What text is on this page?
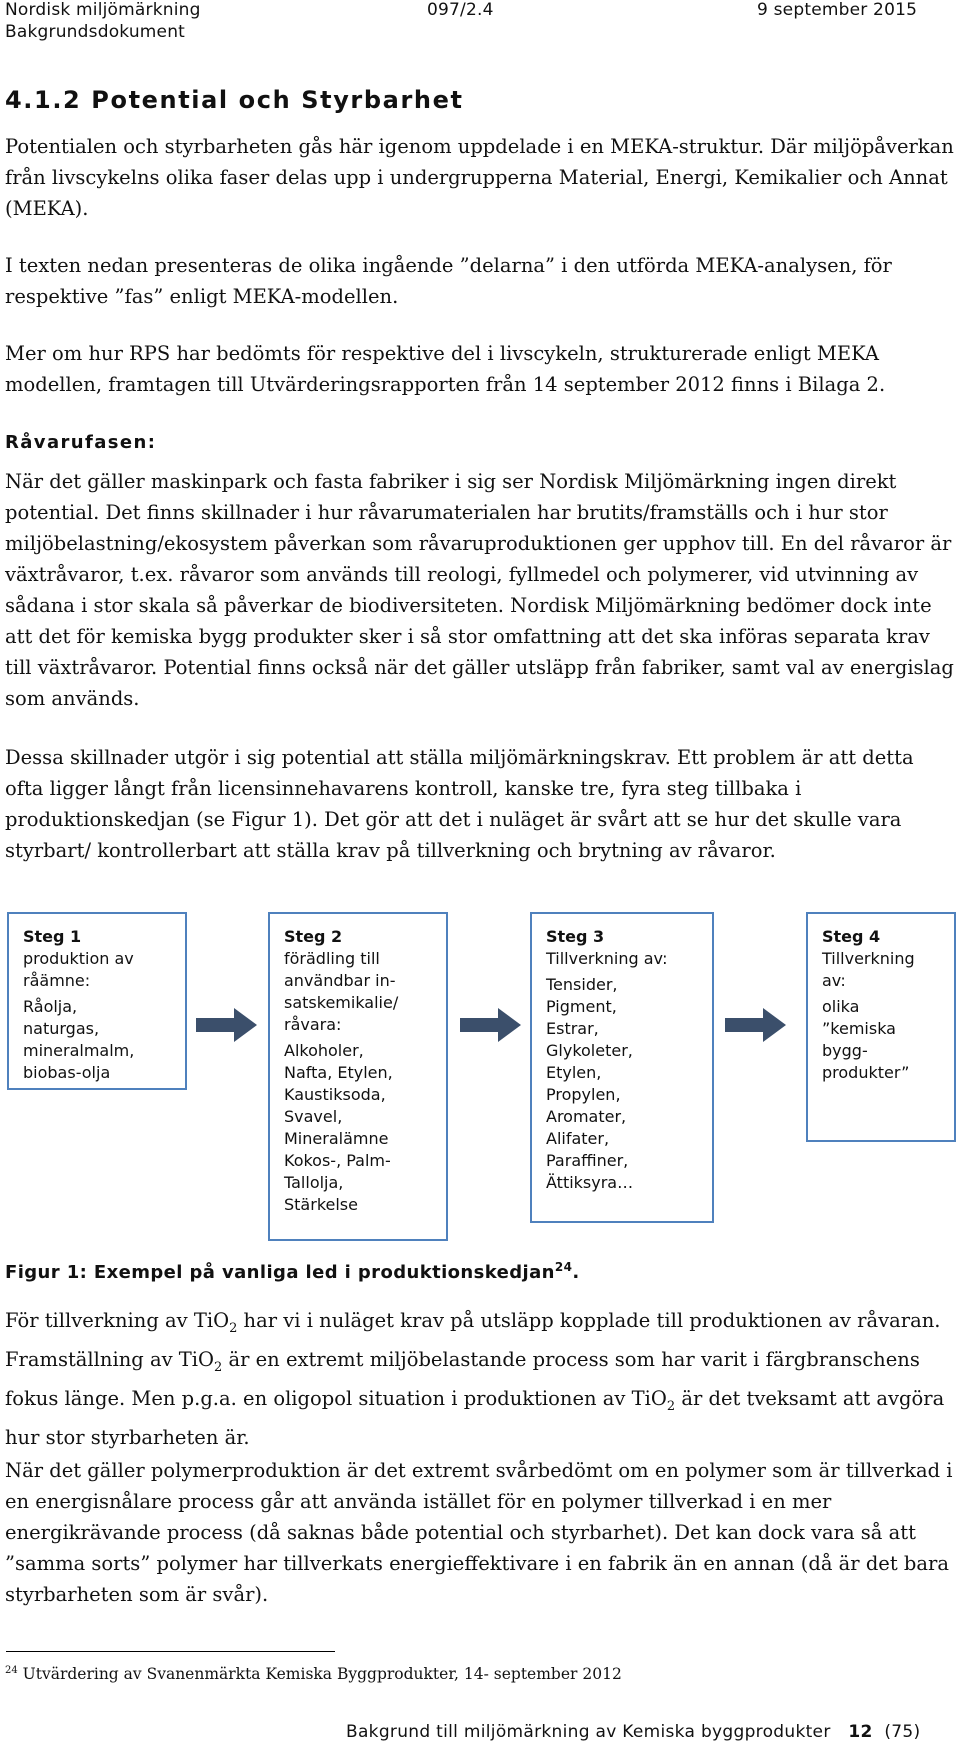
Nordisk miljömärkning	097/2.4	9 september 2015
Bakgrundsdokument
4.1.2 Potential och Styrbarhet

Potentialen och styrbarheten gås här igenom uppdelade i en MEKA-struktur. Där miljöpåverkan från livscykelns olika faser delas upp i undergrupperna Material, Energi, Kemikalier och Annat (MEKA).

I texten nedan presenteras de olika ingående ”delarna” i den utförda MEKA-analysen, för respektive ”fas” enligt MEKA-modellen.

Mer om hur RPS har bedömts för respektive del i livscykeln, strukturerade enligt MEKA modellen, framtagen till Utvärderingsrapporten från 14 september 2012 finns i Bilaga 2.

Råvarufasen:

När det gäller maskinpark och fasta fabriker i sig ser Nordisk Miljömärkning ingen direkt potential. Det finns skillnader i hur råvarumaterialen har brutits/framställs och i hur stor miljöbelastning/ekosystem påverkan som råvaruproduktionen ger upphov till. En del råvaror är växtråvaror, t.ex. råvaror som används till reologi, fyllmedel och polymerer, vid utvinning av sådana i stor skala så påverkar de biodiversiteten. Nordisk Miljömärkning bedömer dock inte att det för kemiska bygg produkter sker i så stor omfattning att det ska införas separata krav till växtråvaror. Potential finns också när det gäller utsläpp från fabriker, samt val av energislag som används.

Dessa skillnader utgör i sig potential att ställa miljömärkningskrav. Ett problem är att detta ofta ligger långt från licensinnehavarens kontroll, kanske tre, fyra steg tillbaka i produktionskedjan (se Figur 1). Det gör att det i nuläget är svårt att se hur det skulle vara styrbart/ kontrollerbart att ställa krav på tillverkning och brytning av råvaror.

Steg 1
produktion av
råämne:
Råolja,
naturgas,
mineralmalm,
biobas-olja
Steg 2
förädling till
användbar in-
satskemikalie/
råvara:
Alkoholer,
Nafta, Etylen,
Kaustiksoda,
Svavel,
Mineralämne
Kokos-, Palm-
Tallolja,
Stärkelse
Steg 3
Tillverkning av:
Tensider,
Pigment,
Estrar,
Glykoleter,
Etylen,
Propylen,
Aromater,
Alifater,
Paraffiner,
Ättiksyra…
Steg 4
Tillverkning
av:
olika
”kemiska
bygg-
produkter”
Figur 1: Exempel på vanliga led i produktionskedjan$^{24}$.

För tillverkning av TiO$_2$ har vi i nuläget krav på utsläpp kopplade till produktionen av råvaran. Framställning av TiO$_2$ är en extremt miljöbelastande process som har varit i färgbranschens fokus länge. Men p.g.a. en oligopol situation i produktionen av TiO$_2$ är det tveksamt att avgöra hur stor styrbarheten är.

När det gäller polymerproduktion är det extremt svårbedömt om en polymer som är tillverkad i en energisnålare process går att använda istället för en polymer tillverkad i en mer energikrävande process (då saknas både potential och styrbarhet). Det kan dock vara så att ”samma sorts” polymer har tillverkats energieffektivare i en fabrik än en annan (då är det bara styrbarheten som är svår).

$^{24}$ Utvärdering av Svanenmärkta Kemiska Byggprodukter, 14- september 2012
Bakgrund till miljömärkning av Kemiska byggprodukter 12 (75)
